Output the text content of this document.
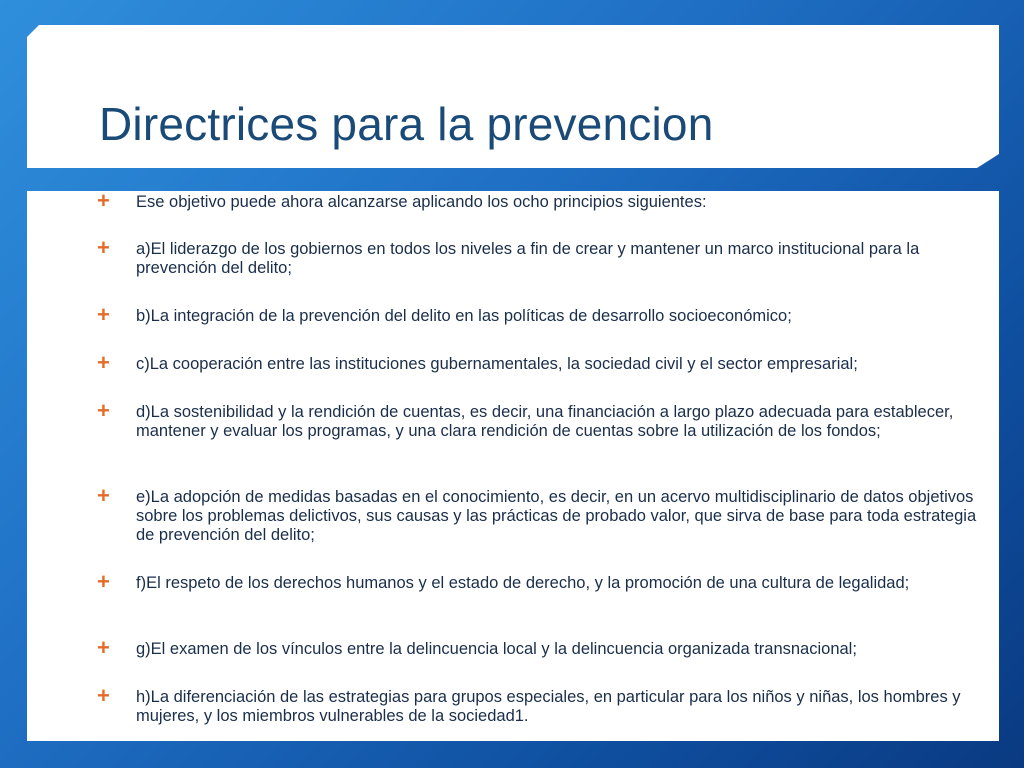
Directrices para la prevencion
+ Ese objetivo puede ahora alcanzarse aplicando los ocho principios siguientes:
+ a)El liderazgo de los gobiernos en todos los niveles a fin de crear y mantener un marco institucional para la prevención del delito;
+ b)La integración de la prevención del delito en las políticas de desarrollo socioeconómico;
+ c)La cooperación entre las instituciones gubernamentales, la sociedad civil y el sector empresarial;
+ d)La sostenibilidad y la rendición de cuentas, es decir, una financiación a largo plazo adecuada para establecer, mantener y evaluar los programas, y una clara rendición de cuentas sobre la utilización de los fondos;
+ e)La adopción de medidas basadas en el conocimiento, es decir, en un acervo multidisciplinario de datos objetivos sobre los problemas delictivos, sus causas y las prácticas de probado valor, que sirva de base para toda estrategia de prevención del delito;
+ f)El respeto de los derechos humanos y el estado de derecho, y la promoción de una cultura de legalidad;
+ g)El examen de los vínculos entre la delincuencia local y la delincuencia organizada transnacional;
+ h)La diferenciación de las estrategias para grupos especiales, en particular para los niños y niñas, los hombres y mujeres, y los miembros vulnerables de la sociedad1.
